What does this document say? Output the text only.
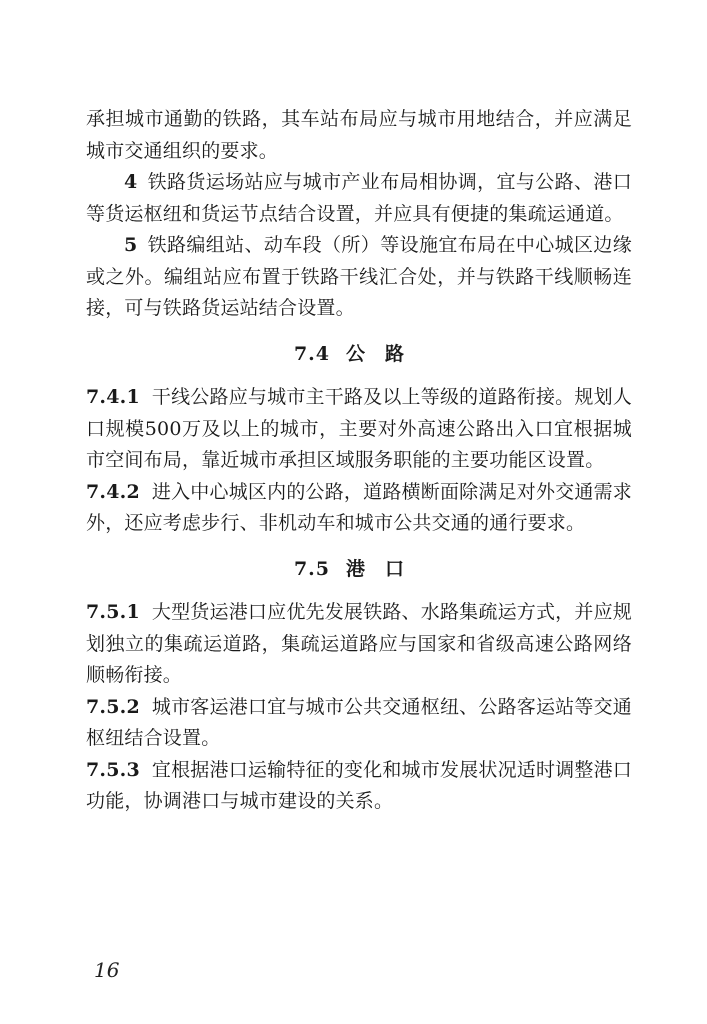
承担城市通勤的铁路，其车站布局应与城市用地结合，并应满足城市交通组织的要求。

4 铁路货运场站应与城市产业布局相协调，宜与公路、港口等货运枢纽和货运节点结合设置，并应具有便捷的集疏运通道。

5 铁路编组站、动车段（所）等设施宜布局在中心城区边缘或之外。编组站应布置于铁路干线汇合处，并与铁路干线顺畅连接，可与铁路货运站结合设置。

7.4 公路

7.4.1 干线公路应与城市主干路及以上等级的道路衔接。规划人口规模500万及以上的城市，主要对外高速公路出入口宜根据城市空间布局，靠近城市承担区域服务职能的主要功能区设置。

7.4.2 进入中心城区内的公路，道路横断面除满足对外交通需求外，还应考虑步行、非机动车和城市公共交通的通行要求。

7.5 港口

7.5.1 大型货运港口应优先发展铁路、水路集疏运方式，并应规划独立的集疏运道路，集疏运道路应与国家和省级高速公路网络顺畅衔接。

7.5.2 城市客运港口宜与城市公共交通枢纽、公路客运站等交通枢纽结合设置。

7.5.3 宜根据港口运输特征的变化和城市发展状况适时调整港口功能，协调港口与城市建设的关系。

16
